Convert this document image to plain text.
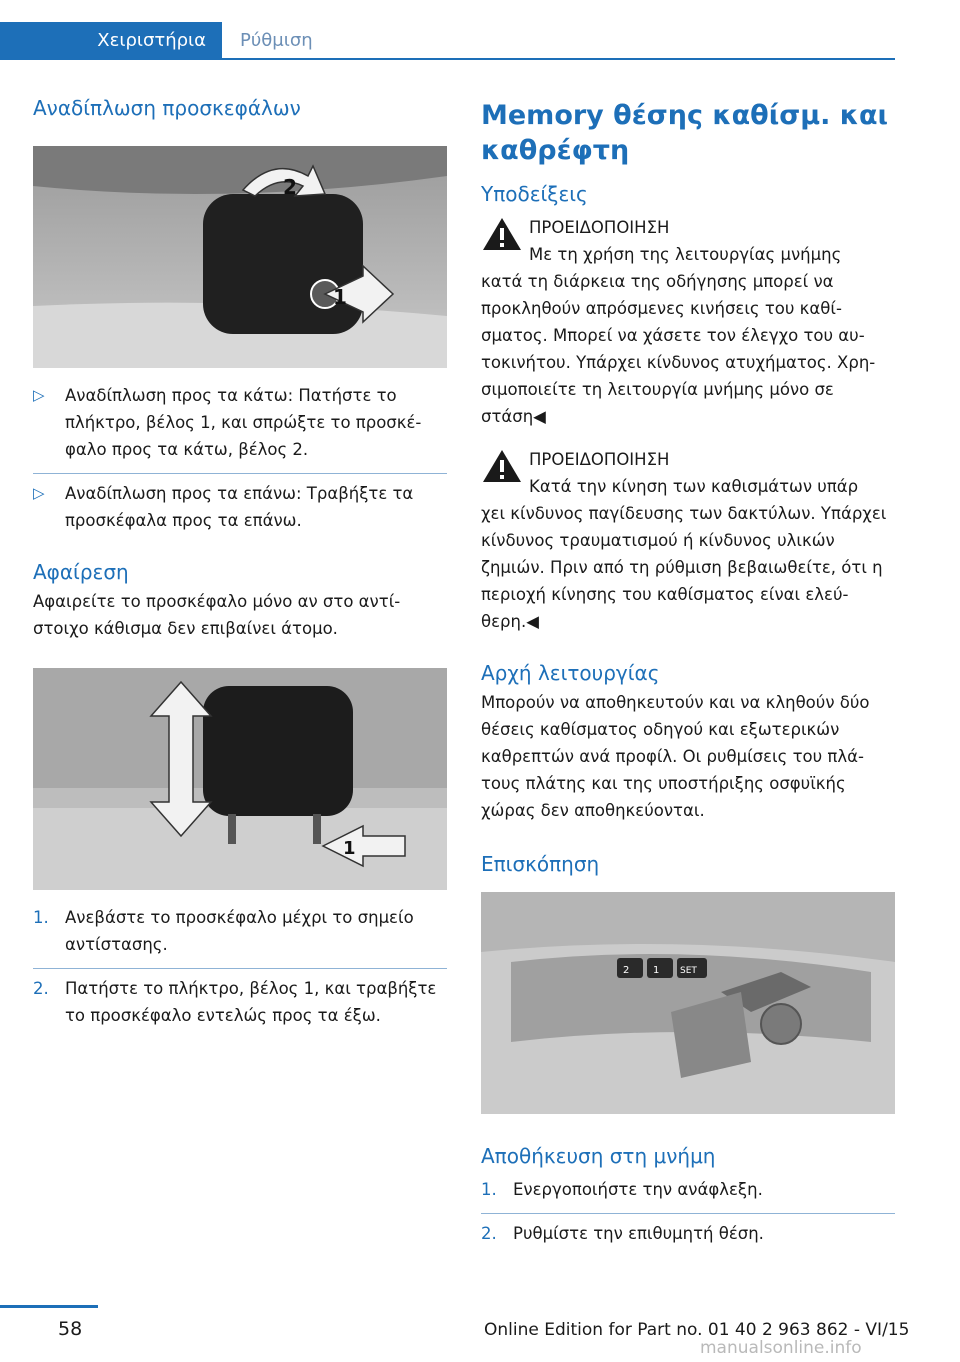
Χειριστήρια	Ρύθμιση
Αναδίπλωση προσκεφάλων
2
1
▷	Αναδίπλωση προς τα κάτω: Πατήστε το πλήκτρο, βέλος 1, και σπρώξτε το προσκέφαλο προς τα κάτω, βέλος 2.

▷	Αναδίπλωση προς τα επάνω: Τραβήξτε τα προσκέφαλα προς τα επάνω.

Αφαίρεση

Αφαιρείτε το προσκέφαλο μόνο αν στο αντίστοιχο κάθισμα δεν επιβαίνει άτομο.

1
1. Ανεβάστε το προσκέφαλο μέχρι το σημείο αντίστασης.

2. Πατήστε το πλήκτρο, βέλος 1, και τραβήξτε το προσκέφαλο εντελώς προς τα έξω.

Memory θέσης καθίσμ. και καθρέφτη
Υποδείξεις

ΠΡΟΕΙΔΟΠΟΙΗΣΗ

Με τη χρήση της λειτουργίας μνήμης

κατά τη διάρκεια της οδήγησης μπορεί να προκληθούν απρόσμενες κινήσεις του καθίσματος. Μπορεί να χάσετε τον έλεγχο του αυτοκινήτου. Υπάρχει κίνδυνος ατυχήματος. Χρησιμοποιείτε τη λειτουργία μνήμης μόνο σε στάση◀

ΠΡΟΕΙΔΟΠΟΙΗΣΗ

Κατά την κίνηση των καθισμάτων υπάρ

χει κίνδυνος παγίδευσης των δακτύλων. Υπάρχει κίνδυνος τραυματισμού ή κίνδυνος υλικών ζημιών. Πριν από τη ρύθμιση βεβαιωθείτε, ότι η περιοχή κίνησης του καθίσματος είναι ελεύθερη.◀

Αρχή λειτουργίας

Μπορούν να αποθηκευτούν και να κληθούν δύο θέσεις καθίσματος οδηγού και εξωτερικών καθρεπτών ανά προφίλ. Οι ρυθμίσεις του πλάτους πλάτης και της υποστήριξης οσφυϊκής χώρας δεν αποθηκεύονται.

Επισκόπηση
2 1 SET
Αποθήκευση στη μνήμη
1. Ενεργοποιήστε την ανάφλεξη.

2. Ρυθμίστε την επιθυμητή θέση.

58	Online Edition for Part no. 01 40 2 963 862 - VI/15
manualsonline.info
